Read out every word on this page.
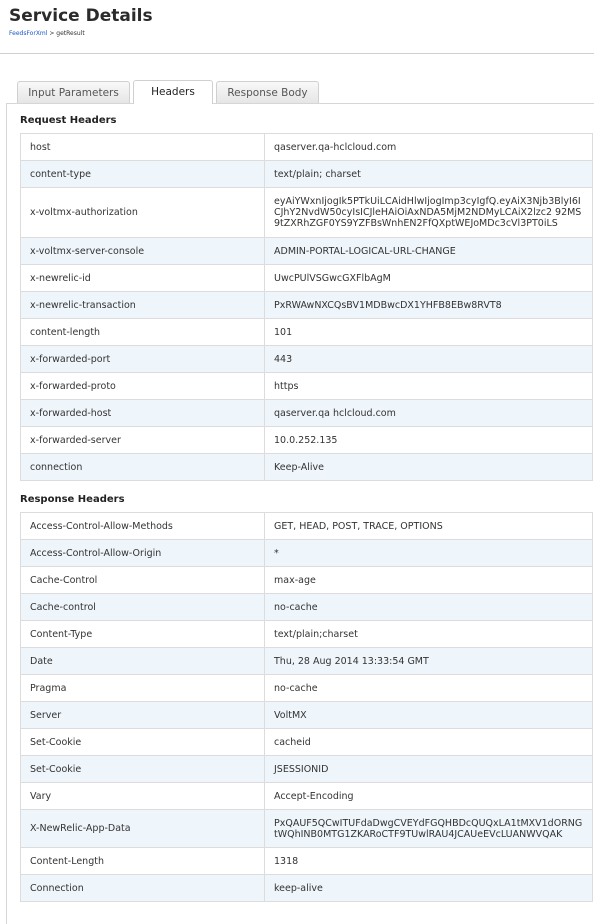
Service Details
FeedsForXml > getResult
Input Parameters	Headers	Response Body
Request Headers
host	qaserver.qa-hclcloud.com
content-type	text/plain; charset
x-voltmx-authorization	eyAiYWxnIjogIk5PTkUiLCAidHlwIjogImp3cyIgfQ.eyAiX3Njb3BlyI6ICJhY2NvdW50cyIsICJleHAiOiAxNDA5MjM2NDMyLCAiX2lzc2 92MS9tZXRhZGF0YS9YZFBsWnhEN2FfQXptWEJoMDc3cVl3PT0iLS
x-voltmx-server-console	ADMIN-PORTAL-LOGICAL-URL-CHANGE
x-newrelic-id	UwcPUlVSGwcGXFlbAgM
x-newrelic-transaction	PxRWAwNXCQsBV1MDBwcDX1YHFB8EBw8RVT8
content-length	101
x-forwarded-port	443
x-forwarded-proto	https
x-forwarded-host	qaserver.qa hclcloud.com
x-forwarded-server	10.0.252.135
connection	Keep-Alive
Response Headers
Access-Control-Allow-Methods	GET, HEAD, POST, TRACE, OPTIONS
Access-Control-Allow-Origin	*
Cache-Control	max-age
Cache-control	no-cache
Content-Type	text/plain;charset
Date	Thu, 28 Aug 2014 13:33:54 GMT
Pragma	no-cache
Server	VoltMX
Set-Cookie	cacheid
Set-Cookie	JSESSIONID
Vary	Accept-Encoding
X-NewRelic-App-Data	PxQAUF5QCwITUFdaDwgCVEYdFGQHBDcQUQxLA1tMXV1dORNGtWQhINB0MTG1ZKARoCTF9TUwlRAU4JCAUeEVcLUANWVQAK
Content-Length	1318
Connection	keep-alive
